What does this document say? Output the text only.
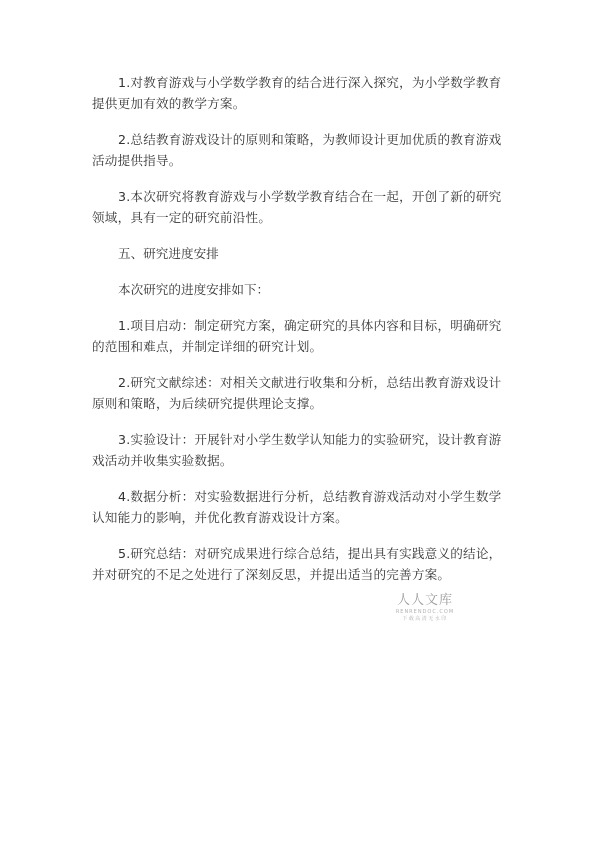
1.对教育游戏与小学数学教育的结合进行深入探究，为小学数学教育提供更加有效的教学方案。

2.总结教育游戏设计的原则和策略，为教师设计更加优质的教育游戏活动提供指导。

3.本次研究将教育游戏与小学数学教育结合在一起，开创了新的研究领域，具有一定的研究前沿性。

五、研究进度安排

本次研究的进度安排如下：

1.项目启动：制定研究方案，确定研究的具体内容和目标，明确研究的范围和难点，并制定详细的研究计划。

2.研究文献综述：对相关文献进行收集和分析，总结出教育游戏设计原则和策略，为后续研究提供理论支撑。

3.实验设计：开展针对小学生数学认知能力的实验研究，设计教育游戏活动并收集实验数据。

4.数据分析：对实验数据进行分析，总结教育游戏活动对小学生数学认知能力的影响，并优化教育游戏设计方案。

5.研究总结：对研究成果进行综合总结，提出具有实践意义的结论，并对研究的不足之处进行了深刻反思，并提出适当的完善方案。

人人文库
RENRENDOC.COM
下载高清无水印
